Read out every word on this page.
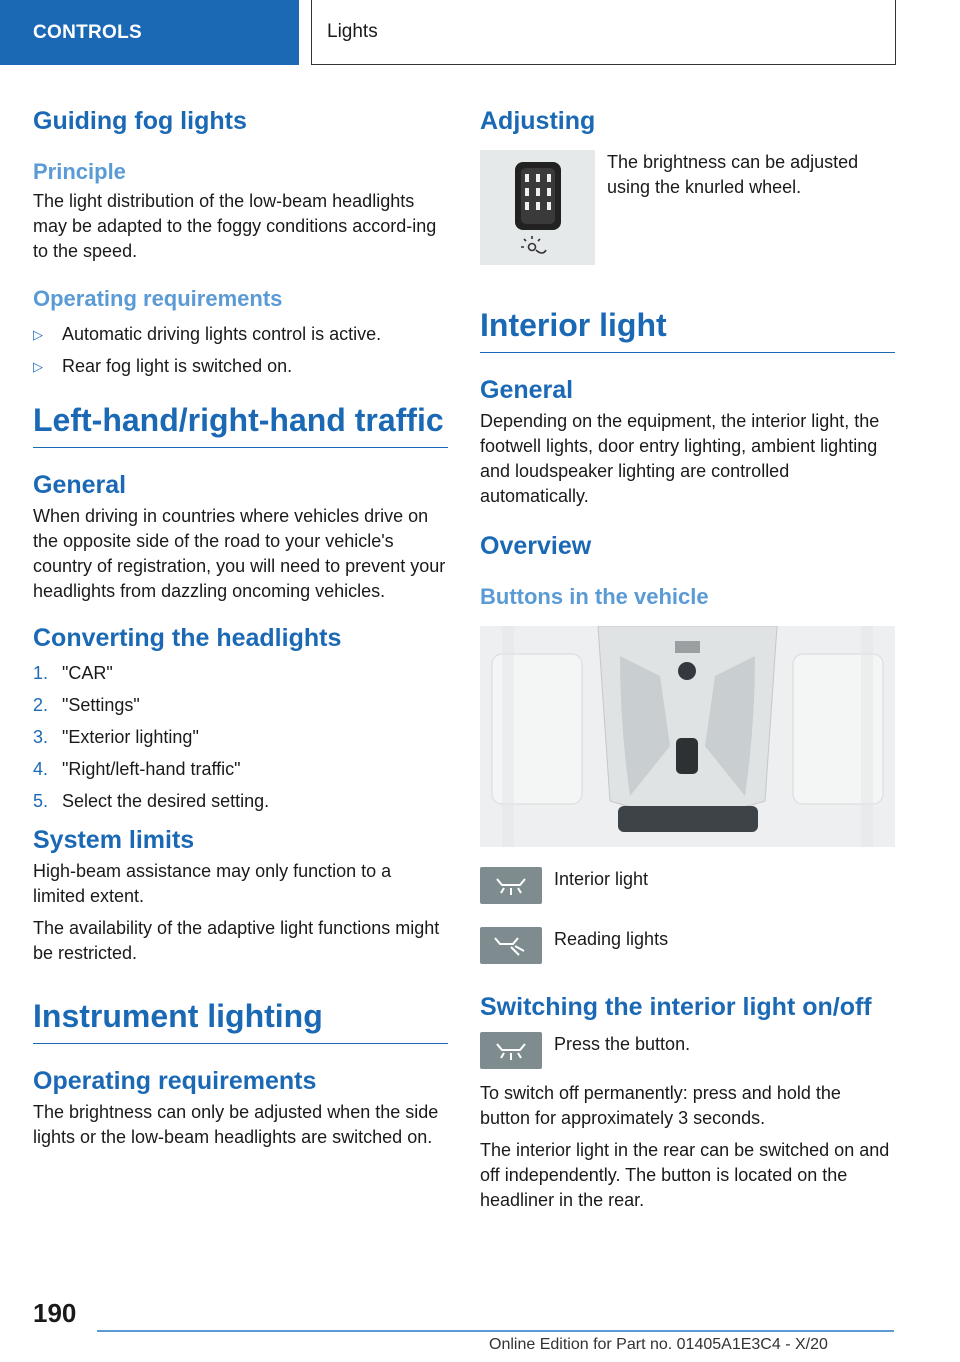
CONTROLS	Lights
Guiding fog lights
Principle

The light distribution of the low-beam headlights may be adapted to the foggy conditions accord-ing to the speed.

Operating requirements
▷ Automatic driving lights control is active.
▷ Rear fog light is switched on.
Left-hand/right-hand traffic
General

When driving in countries where vehicles drive on the opposite side of the road to your vehicle's country of registration, you will need to prevent your headlights from dazzling oncoming vehicles.

Converting the headlights
1. "CAR"
2. "Settings"
3. "Exterior lighting"
4. "Right/left-hand traffic"
5. Select the desired setting.
System limits

High-beam assistance may only function to a limited extent.

The availability of the adaptive light functions might be restricted.

Instrument lighting
Operating requirements

The brightness can only be adjusted when the side lights or the low-beam headlights are switched on.

Adjusting

The brightness can be adjusted using the knurled wheel.

Interior light
General

Depending on the equipment, the interior light, the footwell lights, door entry lighting, ambient lighting and loudspeaker lighting are controlled automatically.

Overview
Buttons in the vehicle

Interior light

Reading lights

Switching the interior light on/off

Press the button.

To switch off permanently: press and hold the button for approximately 3 seconds.

The interior light in the rear can be switched on and off independently. The button is located on the headliner in the rear.

190
Online Edition for Part no. 01405A1E3C4 - X/20
